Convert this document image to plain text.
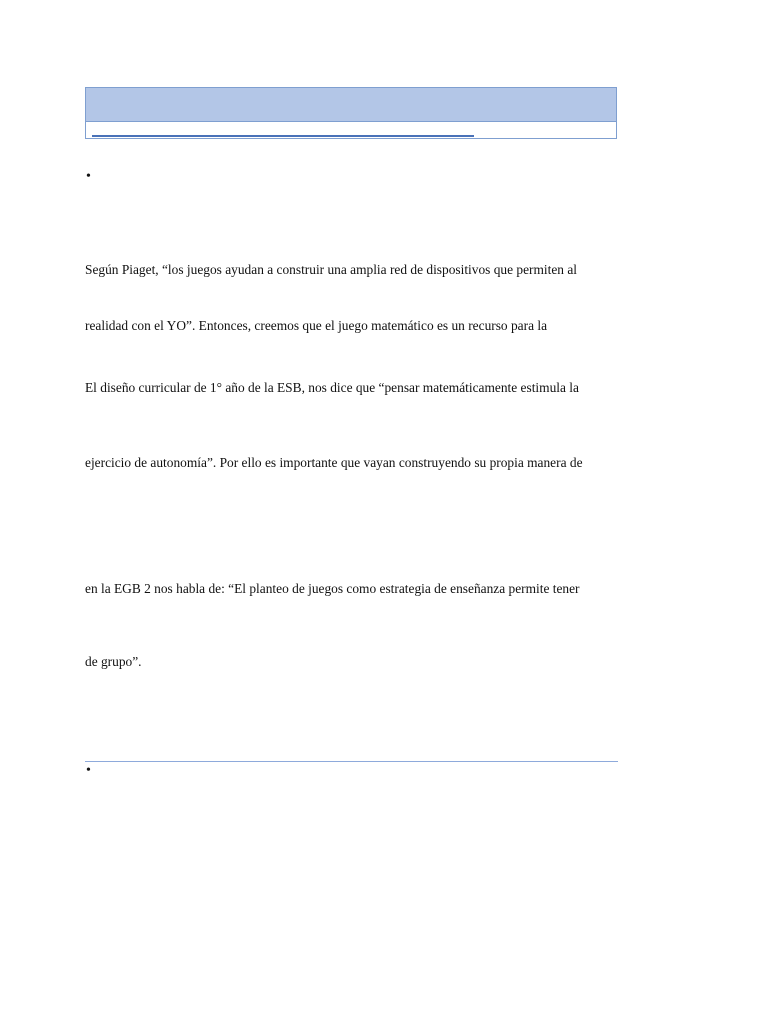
•
Según Piaget, “los juegos ayudan a construir una amplia red de dispositivos que permiten al
realidad con el YO”. Entonces, creemos que el juego matemático es un recurso para la
El diseño curricular de 1° año de la ESB, nos dice que “pensar matemáticamente estimula la
ejercicio de autonomía”. Por ello es importante que vayan construyendo su propia manera de
en la EGB 2 nos habla de: “El planteo de juegos como estrategia de enseñanza permite tener
de grupo”.
•
